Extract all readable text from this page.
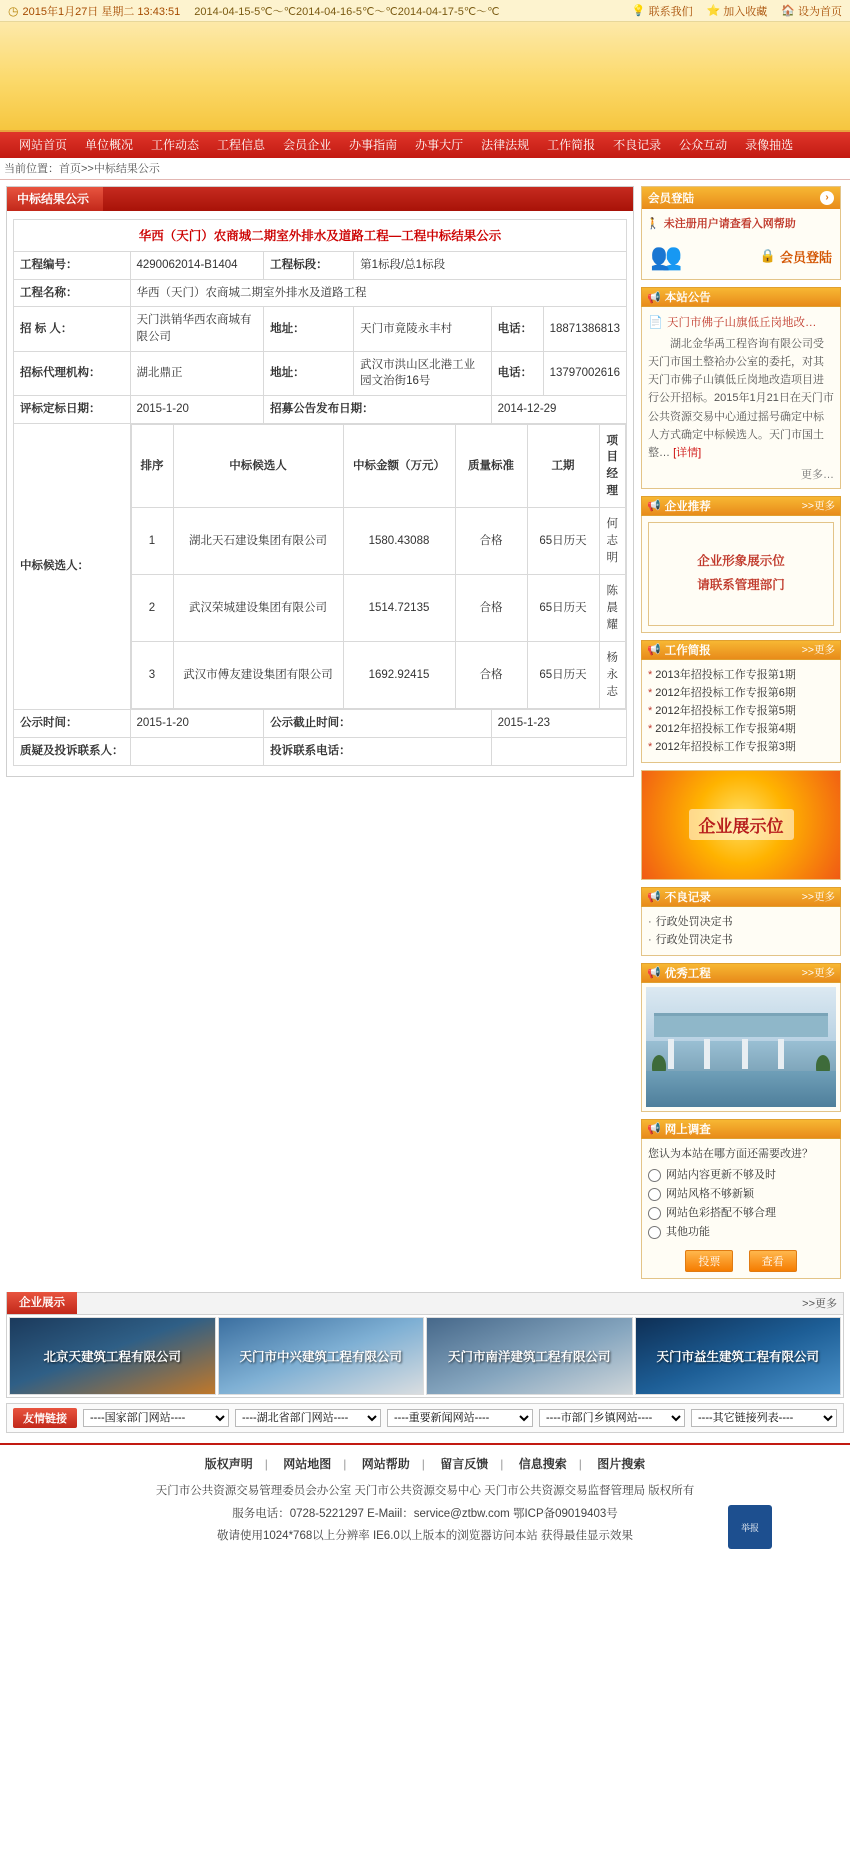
◷ 2015年1月27日 星期二 13:43:51 2014-04-15-5℃～℃2014-04-16-5℃～℃2014-04-17-5℃～℃	💡 联系我们 ⭐ 加入收藏 🏠 设为首页
网站首页	单位概况	工作动态	工程信息	会员企业	办事指南	办事大厅	法律法规	工作简报	不良记录	公众互动	录像抽选
当前位置：首页>>中标结果公示
中标结果公示
华西（天门）农商城二期室外排水及道路工程—工程中标结果公示
工程编号：	4290062014-B1404	工程标段：	第1标段/总1标段
工程名称：	华西（天门）农商城二期室外排水及道路工程
招 标 人：	天门洪销华西农商城有限公司	地址：	天门市竟陵永丰村	电话：	18871386813
招标代理机构：	湖北鼎正	地址：	武汉市洪山区北港工业园文治街16号	电话：	13797002616
评标定标日期：	2015-1-20	招募公告发布日期：	2014-12-29
中标候选人：	
排序	中标候选人	中标金额（万元）	质量标准	工期	项目经理
1	湖北天石建设集团有限公司	1580.43088	合格	65日历天	何志明
2	武汉荣城建设集团有限公司	1514.72135	合格	65日历天	陈晨耀
3	武汉市傅友建设集团有限公司	1692.92415	合格	65日历天	杨永志

公示时间：	2015-1-20	公示截止时间：	2015-1-23
质疑及投诉联系人：		投诉联系电话：	
会员登陆	›
🚶 未注册用户请查看入网帮助
👥	🔒 会员登陆
📢 本站公告
📄 天门市佛子山旗低丘岗地改…
湖北金华禹工程咨询有限公司受天门市国土整袷办公室的委托，对其天门市佛子山镇低丘岗地改造项目进行公开招标。2015年1月21日在天门市公共资源交易中心通过摇号确定中标人方式确定中标候选人。天门市国土整… [详情]
更多…
📢 企业推荐	>>更多
企业形象展示位
请联系管理部门
📢 工作简报	>>更多
* 2013年招投标工作专报第1期
* 2012年招投标工作专报第6期
* 2012年招投标工作专报第5期
* 2012年招投标工作专报第4期
* 2012年招投标工作专报第3期
企业展示位
📢 不良记录	>>更多
· 行政处罚决定书
· 行政处罚决定书
📢 优秀工程	>>更多
📢 网上调查
您认为本站在哪方面还需要改进？
网站内容更新不够及时
网站风格不够新颖
网站色彩搭配不够合理
其他功能
投票	查看
企业展示	>>更多
北京天建筑工程有限公司	天门市中兴建筑工程有限公司	天门市南洋建筑工程有限公司	天门市益生建筑工程有限公司
友情链接
----国家部门网站----
----湖北省部门网站----
----重要新闻网站----
----市部门乡镇网站----
----其它链接列表----
版权声明 | 网站地图 | 网站帮助 | 留言反馈 | 信息搜索 | 图片搜索
天门市公共资源交易管理委员会办公室 天门市公共资源交易中心 天门市公共资源交易监督管理局 版权所有
服务电话：0728-5221297 E-Maiil：service@ztbw.com 鄂ICP备09019403号
敬请使用1024*768以上分辨率 IE6.0以上版本的浏览器访问本站 获得最佳显示效果
举报
